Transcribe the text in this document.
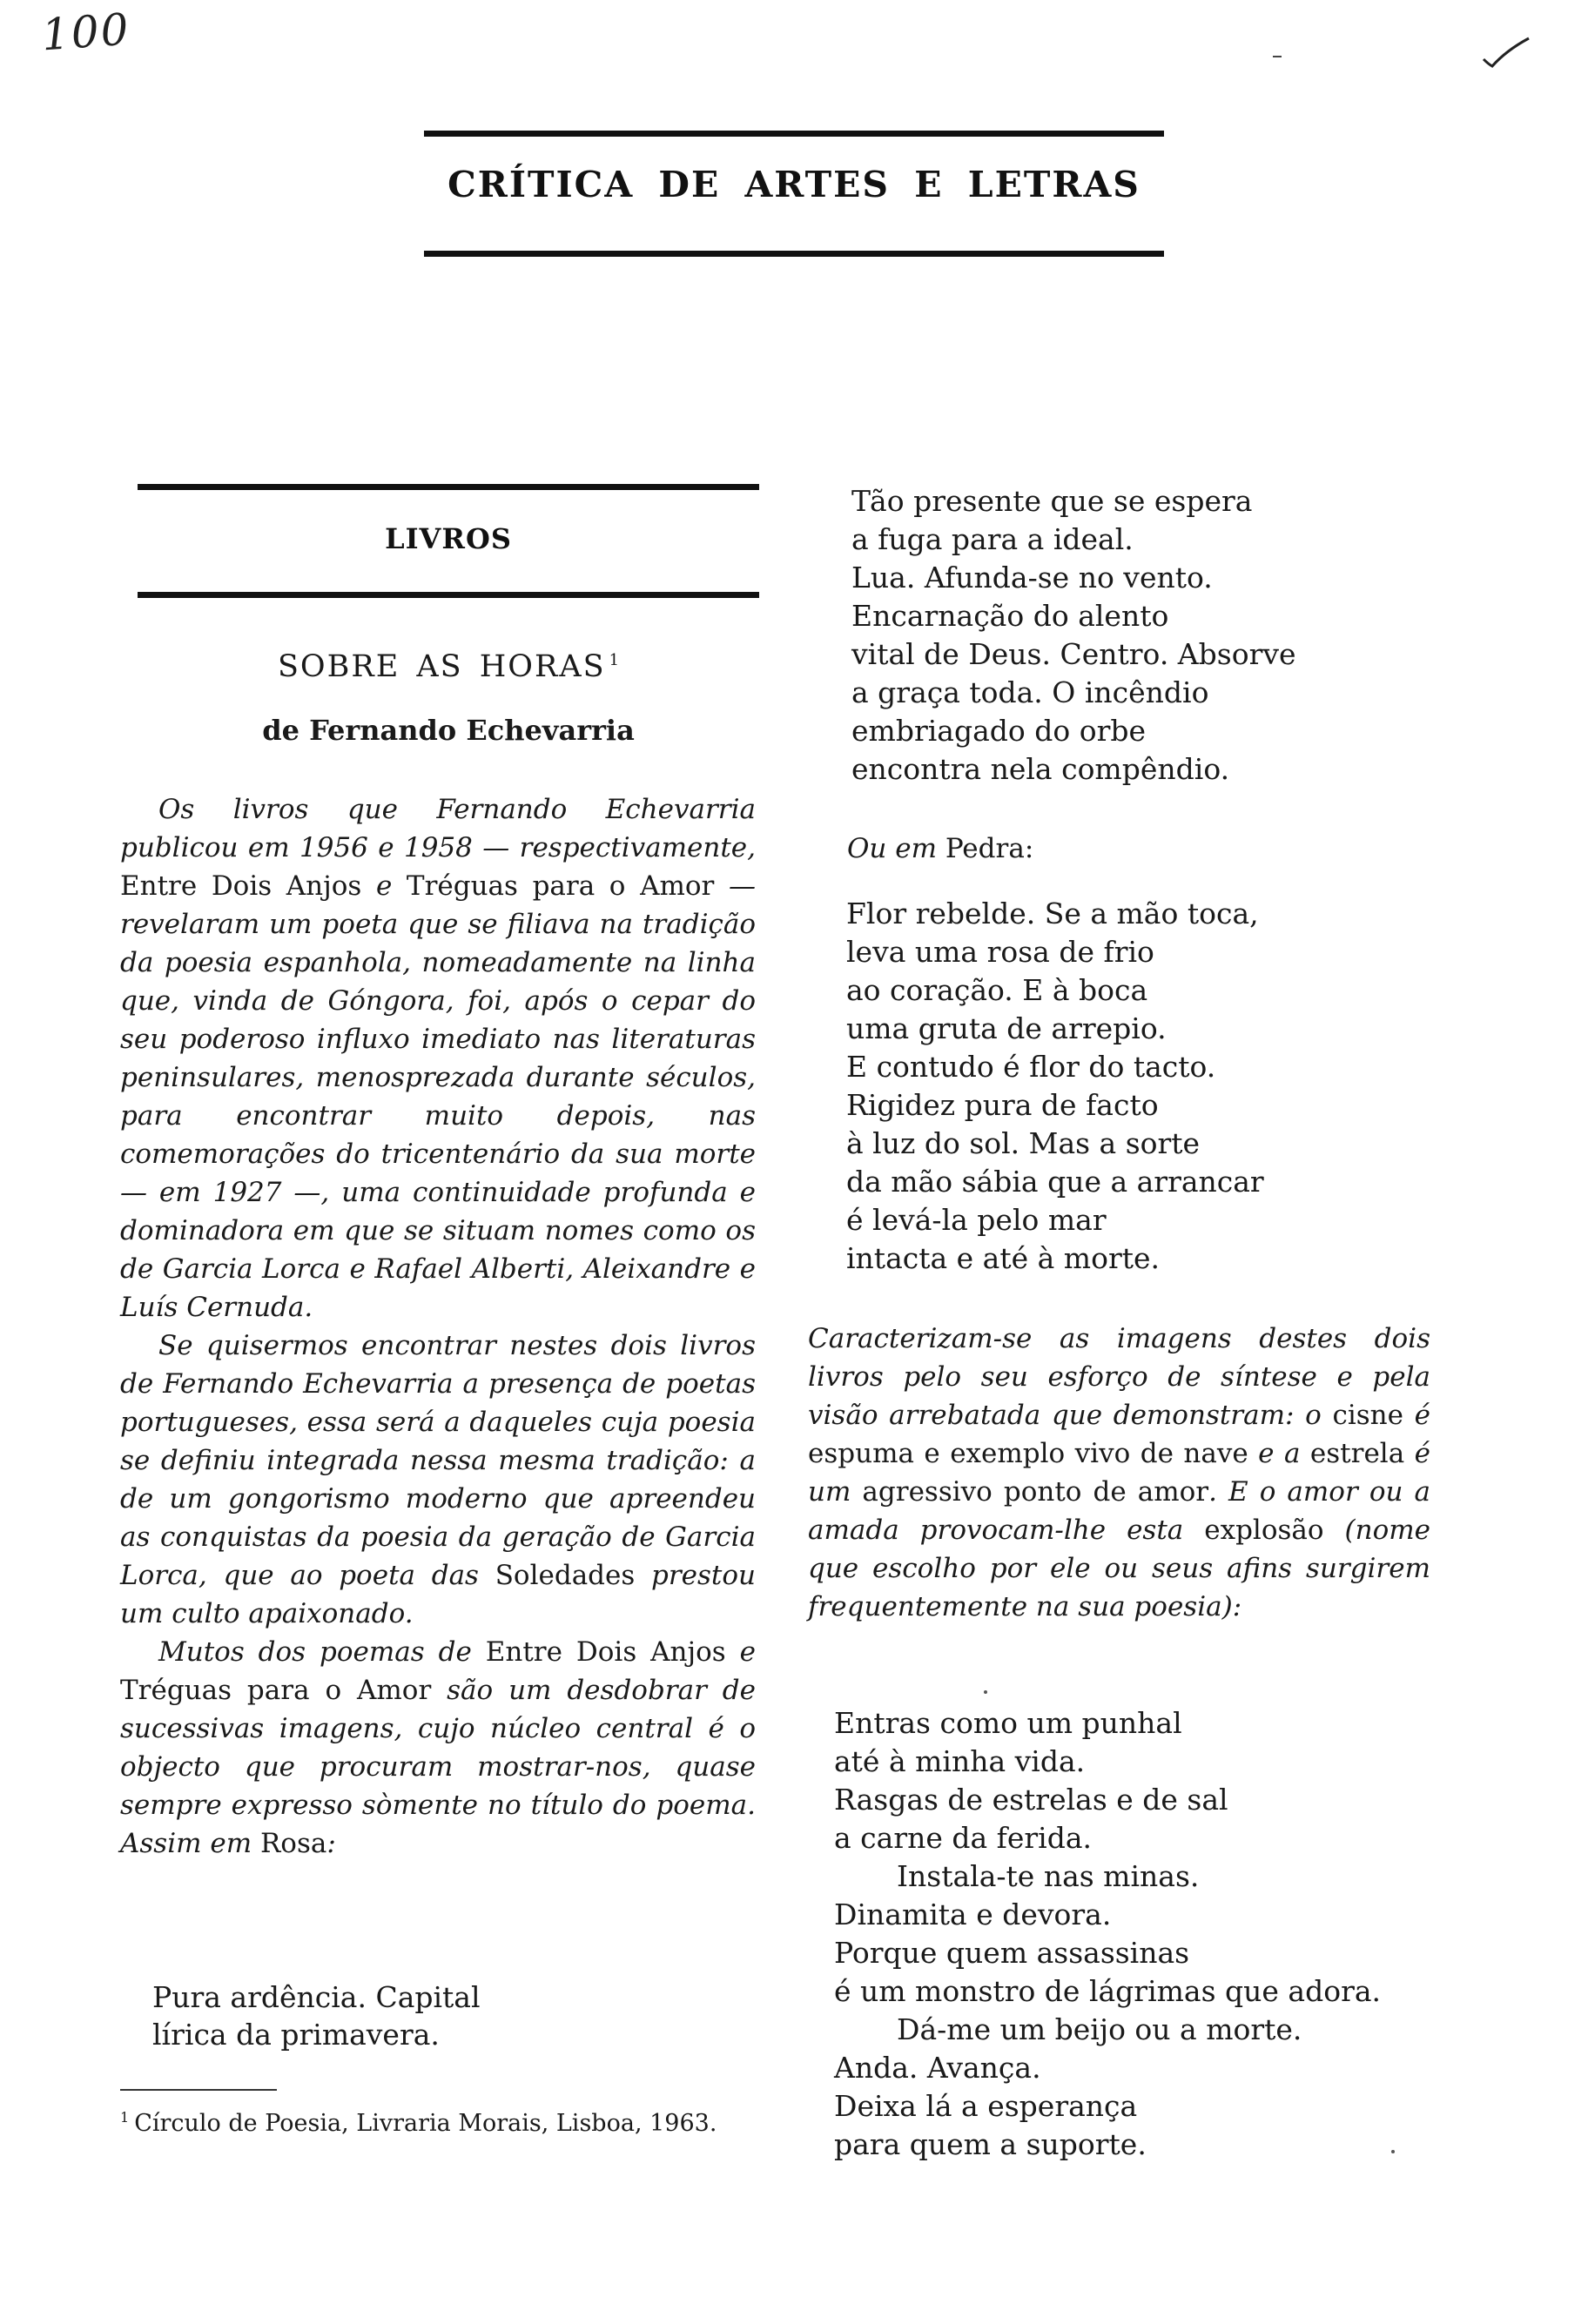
100
CRÍTICA DE ARTES E LETRAS
LIVROS
SOBRE AS HORAS $^1$
de Fernando Echevarria

Os livros que Fernando Echevarria publicou em 1956 e 1958 — respectivamente, Entre Dois Anjos e Tréguas para o Amor — revelaram um poeta que se filiava na tradição da poesia espanhola, nomeadamente na linha que, vinda de Góngora, foi, após o cepar do seu poderoso influxo imediato nas literaturas peninsulares, menosprezada durante séculos, para encontrar muito depois, nas comemorações do tricentenário da sua morte — em 1927 —, uma continuidade profunda e dominadora em que se situam nomes como os de Garcia Lorca e Rafael Alberti, Aleixandre e Luís Cernuda.

Se quisermos encontrar nestes dois livros de Fernando Echevarria a presença de poetas portugueses, essa será a daqueles cuja poesia se definiu integrada nessa mesma tradição: a de um gongorismo moderno que apreendeu as conquistas da poesia da geração de Garcia Lorca, que ao poeta das Soledades prestou um culto apaixonado.

Mutos dos poemas de Entre Dois Anjos e Tréguas para o Amor são um desdobrar de sucessivas imagens, cujo núcleo central é o objecto que procuram mostrar-nos, quase sempre expresso sòmente no título do poema. Assim em Rosa:

Pura ardência. Capital
lírica da primavera.
$^1$ Círculo de Poesia, Livraria Morais, Lisboa, 1963.
Tão presente que se espera
a fuga para a ideal.
Lua. Afunda-se no vento.
Encarnação do alento
vital de Deus. Centro. Absorve
a graça toda. O incêndio
embriagado do orbe
encontra nela compêndio.
Ou em Pedra:
Flor rebelde. Se a mão toca,
leva uma rosa de frio
ao coração. E à boca
uma gruta de arrepio.
E contudo é flor do tacto.
Rigidez pura de facto
à luz do sol. Mas a sorte
da mão sábia que a arrancar
é levá-la pelo mar
intacta e até à morte.

Caracterizam-se as imagens destes dois livros pelo seu esforço de síntese e pela visão arrebatada que demonstram: o cisne é espuma e exemplo vivo de nave e a estrela é um agressivo ponto de amor. E o amor ou a amada provocam-lhe esta explosão (nome que escolho por ele ou seus afins surgirem frequentemente na sua poesia):

Entras como um punhal
até à minha vida.
Rasgas de estrelas e de sal
a carne da ferida.
Instala-te nas minas.
Dinamita e devora.
Porque quem assassinas
é um monstro de lágrimas que adora.
Dá-me um beijo ou a morte.
Anda. Avança.
Deixa lá a esperança
para quem a suporte.
